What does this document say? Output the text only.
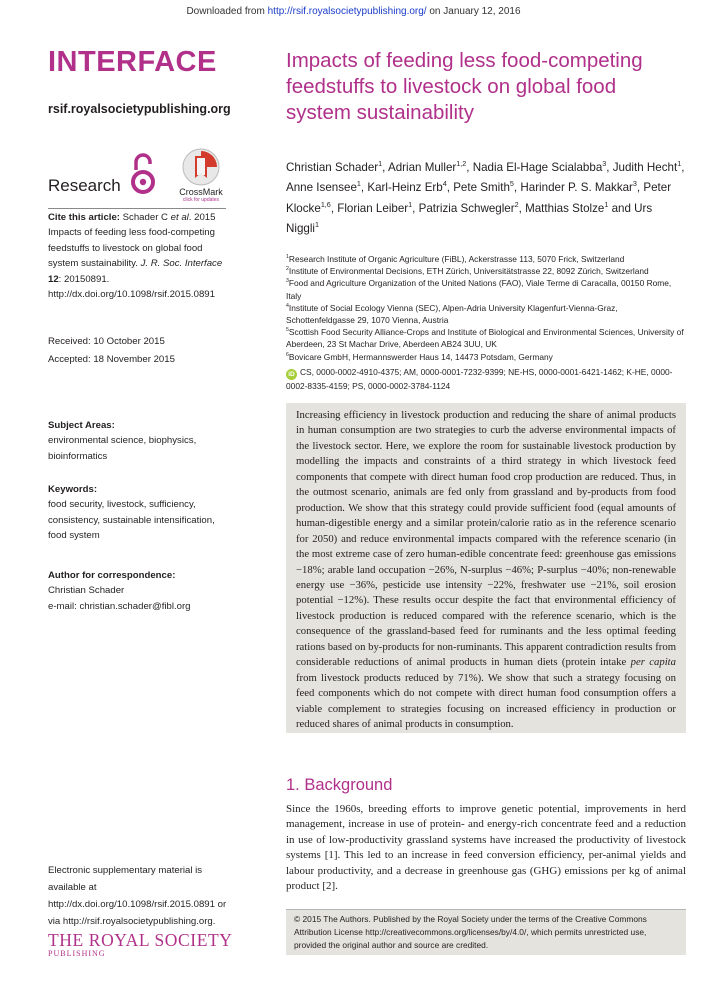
Downloaded from http://rsif.royalsocietypublishing.org/ on January 12, 2016
INTERFACE
rsif.royalsocietypublishing.org
Research	CrossMark
click for updates
Cite this article: Schader C et al. 2015 Impacts of feeding less food-competing feedstuffs to livestock on global food system sustainability. J. R. Soc. Interface 12: 20150891. http://dx.doi.org/10.1098/rsif.2015.0891
Received: 10 October 2015
Accepted: 18 November 2015
Subject Areas:
environmental science, biophysics, bioinformatics
Keywords:
food security, livestock, sufficiency, consistency, sustainable intensification, food system
Author for correspondence:
Christian Schader
e-mail: christian.schader@fibl.org
Electronic supplementary material is available at http://dx.doi.org/10.1098/rsif.2015.0891 or via http://rsif.royalsocietypublishing.org.
THE ROYAL SOCIETY
PUBLISHING
Impacts of feeding less food-competing feedstuffs to livestock on global food system sustainability
Christian Schader$^1$, Adrian Muller$^{1,2}$, Nadia El-Hage Scialabba$^3$, Judith Hecht$^1$, Anne Isensee$^1$, Karl-Heinz Erb$^4$, Pete Smith$^5$, Harinder P. S. Makkar$^3$, Peter Klocke$^{1,6}$, Florian Leiber$^1$, Patrizia Schwegler$^2$, Matthias Stolze$^1$ and Urs Niggli$^1$
$^1$Research Institute of Organic Agriculture (FiBL), Ackerstrasse 113, 5070 Frick, Switzerland
$^2$Institute of Environmental Decisions, ETH Zürich, Universitätstrasse 22, 8092 Zürich, Switzerland
$^3$Food and Agriculture Organization of the United Nations (FAO), Viale Terme di Caracalla, 00150 Rome, Italy
$^4$Institute of Social Ecology Vienna (SEC), Alpen-Adria University Klagenfurt-Vienna-Graz, Schottenfeldgasse 29, 1070 Vienna, Austria
$^5$Scottish Food Security Alliance-Crops and Institute of Biological and Environmental Sciences, University of Aberdeen, 23 St Machar Drive, Aberdeen AB24 3UU, UK
$^6$Bovicare GmbH, Hermannswerder Haus 14, 14473 Potsdam, Germany
iD CS, 0000-0002-4910-4375; AM, 0000-0001-7232-9399; NE-HS, 0000-0001-6421-1462; K-HE, 0000-0002-8335-4159; PS, 0000-0002-3784-1124
Increasing efficiency in livestock production and reducing the share of animal products in human consumption are two strategies to curb the adverse environmental impacts of the livestock sector. Here, we explore the room for sustainable livestock production by modelling the impacts and constraints of a third strategy in which livestock feed components that compete with direct human food crop production are reduced. Thus, in the outmost scenario, animals are fed only from grassland and by-products from food production. We show that this strategy could provide sufficient food (equal amounts of human-digestible energy and a similar protein/calorie ratio as in the reference scenario for 2050) and reduce environmental impacts compared with the reference scenario (in the most extreme case of zero human-edible concentrate feed: greenhouse gas emissions −18%; arable land occupation −26%, N-surplus −46%; P-surplus −40%; non-renewable energy use −36%, pesticide use intensity −22%, freshwater use −21%, soil erosion potential −12%). These results occur despite the fact that environmental efficiency of livestock production is reduced compared with the reference scenario, which is the consequence of the grassland-based feed for ruminants and the less optimal feeding rations based on by-products for non-ruminants. This apparent contradiction results from considerable reductions of animal products in human diets (protein intake per capita from livestock products reduced by 71%). We show that such a strategy focusing on feed components which do not compete with direct human food consumption offers a viable complement to strategies focusing on increased efficiency in production or reduced shares of animal products in consumption.
1. Background
Since the 1960s, breeding efforts to improve genetic potential, improvements in herd management, increase in use of protein- and energy-rich concentrate feed and a reduction in use of low-productivity grassland systems have increased the productivity of livestock systems [1]. This led to an increase in feed conversion efficiency, per-animal yields and labour productivity, and a decrease in greenhouse gas (GHG) emissions per kg of animal product [2].
© 2015 The Authors. Published by the Royal Society under the terms of the Creative Commons Attribution License http://creativecommons.org/licenses/by/4.0/, which permits unrestricted use, provided the original author and source are credited.
